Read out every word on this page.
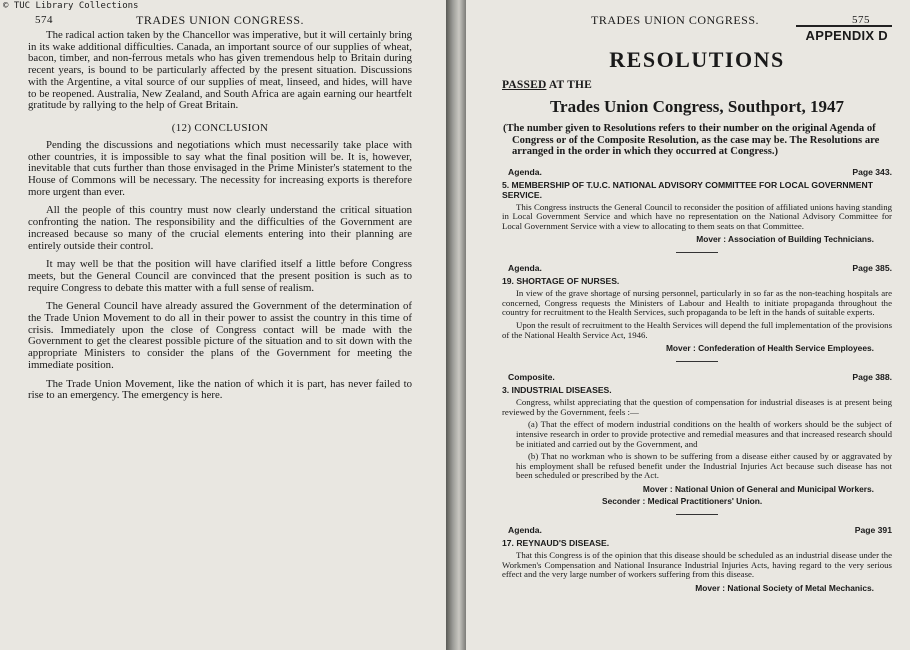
574	TRADES UNION CONGRESS.

The radical action taken by the Chancellor was imperative, but it will certainly bring in its wake additional difficulties. Canada, an important source of our supplies of wheat, bacon, timber, and non-ferrous metals who has given tremendous help to Britain during recent years, is bound to be particularly affected by the present situation. Discussions with the Argentine, a vital source of our supplies of meat, linseed, and hides, will have to be reopened. Australia, New Zealand, and South Africa are again earning our heartfelt gratitude by rallying to the help of Great Britain.

(12) CONCLUSION

Pending the discussions and negotiations which must necessarily take place with other countries, it is impossible to say what the final position will be. It is, however, inevitable that cuts further than those envisaged in the Prime Minister's statement to the House of Commons will be necessary. The necessity for increasing exports is therefore more urgent than ever.

All the people of this country must now clearly understand the critical situation confronting the nation. The responsibility and the difficulties of the Government are increased because so many of the crucial elements entering into their planning are entirely outside their control.

It may well be that the position will have clarified itself a little before Congress meets, but the General Council are convinced that the present position is such as to require Congress to debate this matter with a full sense of realism.

The General Council have already assured the Government of the determination of the Trade Union Movement to do all in their power to assist the country in this time of crisis. Immediately upon the close of Congress contact will be made with the Government to get the clearest possible picture of the situation and to sit down with the appropriate Ministers to consider the plans of the Government for meeting the immediate position.

The Trade Union Movement, like the nation of which it is part, has never failed to rise to an emergency. The emergency is here.

TRADES UNION CONGRESS.	575
APPENDIX D
RESOLUTIONS
PASSED AT THE
Trades Union Congress, Southport, 1947
(The number given to Resolutions refers to their number on the original Agenda of Congress or of the Composite Resolution, as the case may be. The Resolutions are arranged in the order in which they occurred at Congress.)
Agenda.	Page 343.
5. MEMBERSHIP OF T.U.C. NATIONAL ADVISORY COMMITTEE FOR LOCAL GOVERNMENT SERVICE.

This Congress instructs the General Council to reconsider the position of affiliated unions having standing in Local Government Service and which have no representation on the National Advisory Committee for Local Government Service with a view to allocating to them seats on that Committee.

Mover : Association of Building Technicians.
Agenda.	Page 385.
19. SHORTAGE OF NURSES.

In view of the grave shortage of nursing personnel, particularly in so far as the non-teaching hospitals are concerned, Congress requests the Ministers of Labour and Health to initiate propaganda throughout the country for recruitment to the Health Services, such propaganda to be left in the hands of suitable experts.

Upon the result of recruitment to the Health Services will depend the full implementation of the provisions of the National Health Service Act, 1946.

Mover : Confederation of Health Service Employees.
Composite.	Page 388.
3. INDUSTRIAL DISEASES.

Congress, whilst appreciating that the question of compensation for industrial diseases is at present being reviewed by the Government, feels :—

(a) That the effect of modern industrial conditions on the health of workers should be the subject of intensive research in order to provide protective and remedial measures and that increased research should be initiated and carried out by the Government, and

(b) That no workman who is shown to be suffering from a disease either caused by or aggravated by his employment shall be refused benefit under the Industrial Injuries Act because such disease has not been scheduled or prescribed by the Act.

Mover : National Union of General and Municipal Workers.
Seconder : Medical Practitioners' Union.
Agenda.	Page 391
17. REYNAUD'S DISEASE.

That this Congress is of the opinion that this disease should be scheduled as an industrial disease under the Workmen's Compensation and National Insurance Industrial Injuries Acts, having regard to the very serious effect and the very large number of workers suffering from this disease.

Mover : National Society of Metal Mechanics.
© TUC Library Collections
